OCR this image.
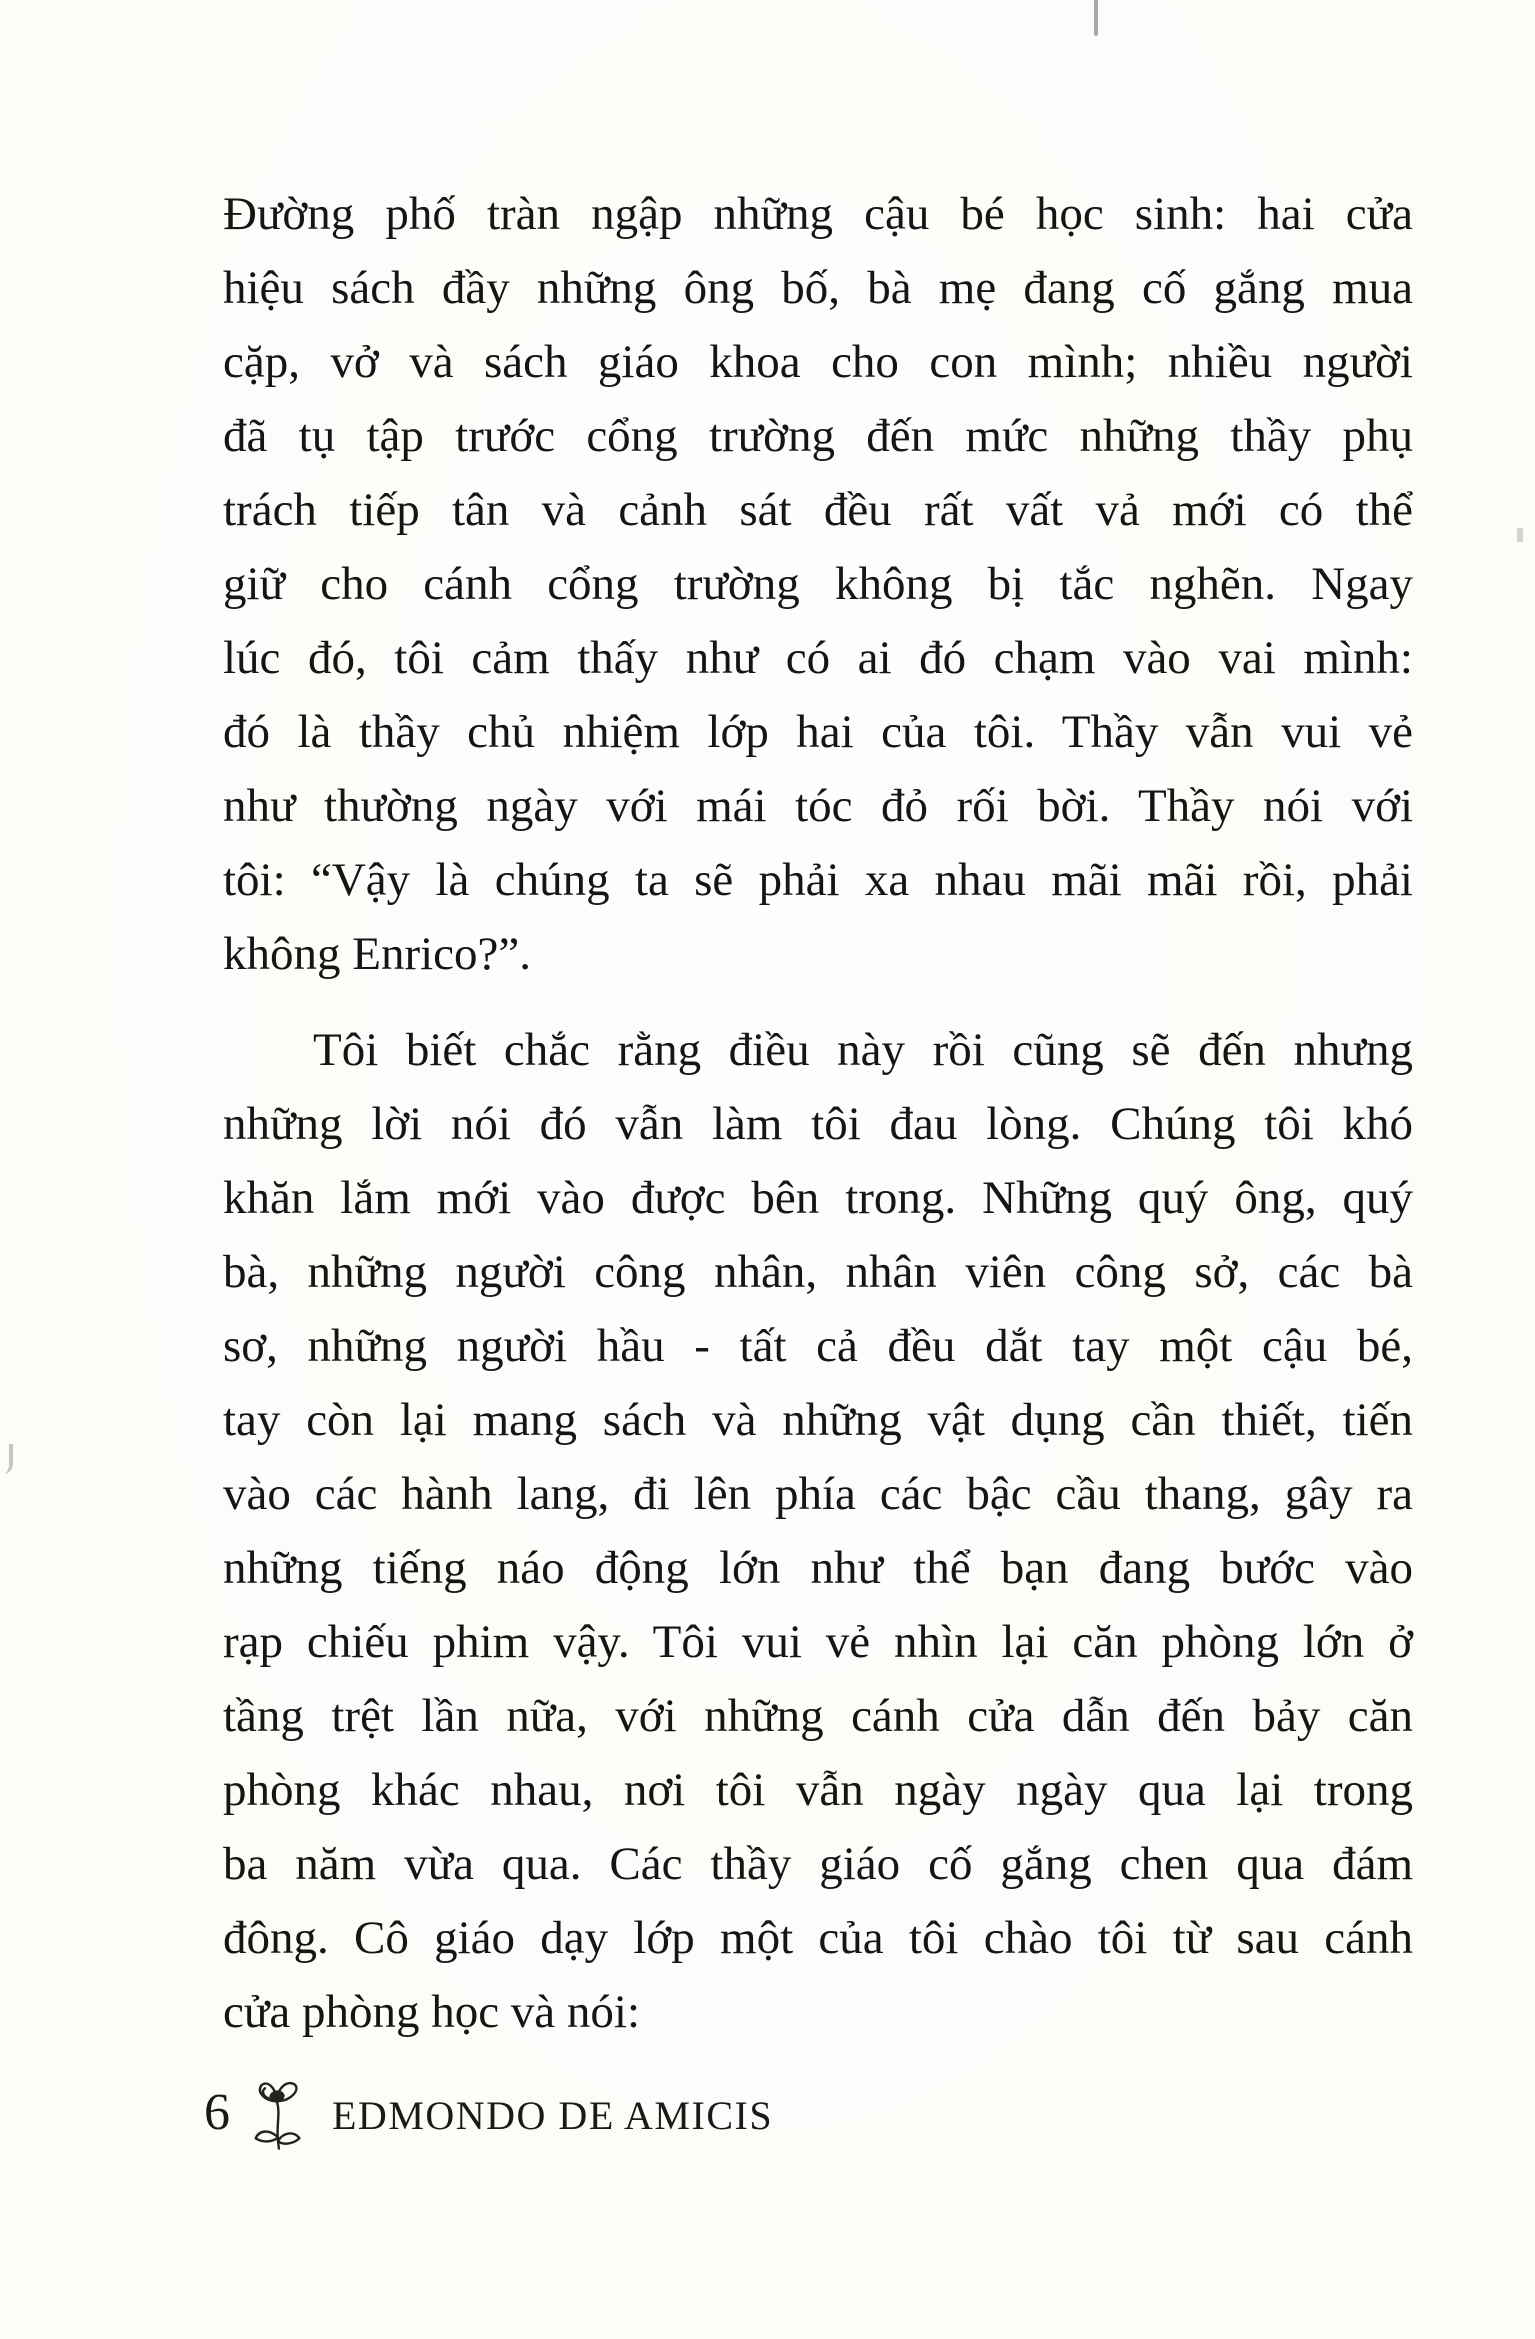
Đường phố tràn ngập những cậu bé học sinh: hai cửa
hiệu sách đầy những ông bố, bà mẹ đang cố gắng mua
cặp, vở và sách giáo khoa cho con mình; nhiều người
đã tụ tập trước cổng trường đến mức những thầy phụ
trách tiếp tân và cảnh sát đều rất vất vả mới có thể
giữ cho cánh cổng trường không bị tắc nghẽn. Ngay
lúc đó, tôi cảm thấy như có ai đó chạm vào vai mình:
đó là thầy chủ nhiệm lớp hai của tôi. Thầy vẫn vui vẻ
như thường ngày với mái tóc đỏ rối bời. Thầy nói với
tôi: “Vậy là chúng ta sẽ phải xa nhau mãi mãi rồi, phải
không Enrico?”.
Tôi biết chắc rằng điều này rồi cũng sẽ đến nhưng
những lời nói đó vẫn làm tôi đau lòng. Chúng tôi khó
khăn lắm mới vào được bên trong. Những quý ông, quý
bà, những người công nhân, nhân viên công sở, các bà
sơ, những người hầu - tất cả đều dắt tay một cậu bé,
tay còn lại mang sách và những vật dụng cần thiết, tiến
vào các hành lang, đi lên phía các bậc cầu thang, gây ra
những tiếng náo động lớn như thể bạn đang bước vào
rạp chiếu phim vậy. Tôi vui vẻ nhìn lại căn phòng lớn ở
tầng trệt lần nữa, với những cánh cửa dẫn đến bảy căn
phòng khác nhau, nơi tôi vẫn ngày ngày qua lại trong
ba năm vừa qua. Các thầy giáo cố gắng chen qua đám
đông. Cô giáo dạy lớp một của tôi chào tôi từ sau cánh
cửa phòng học và nói:
6	EDMONDO DE AMICIS
